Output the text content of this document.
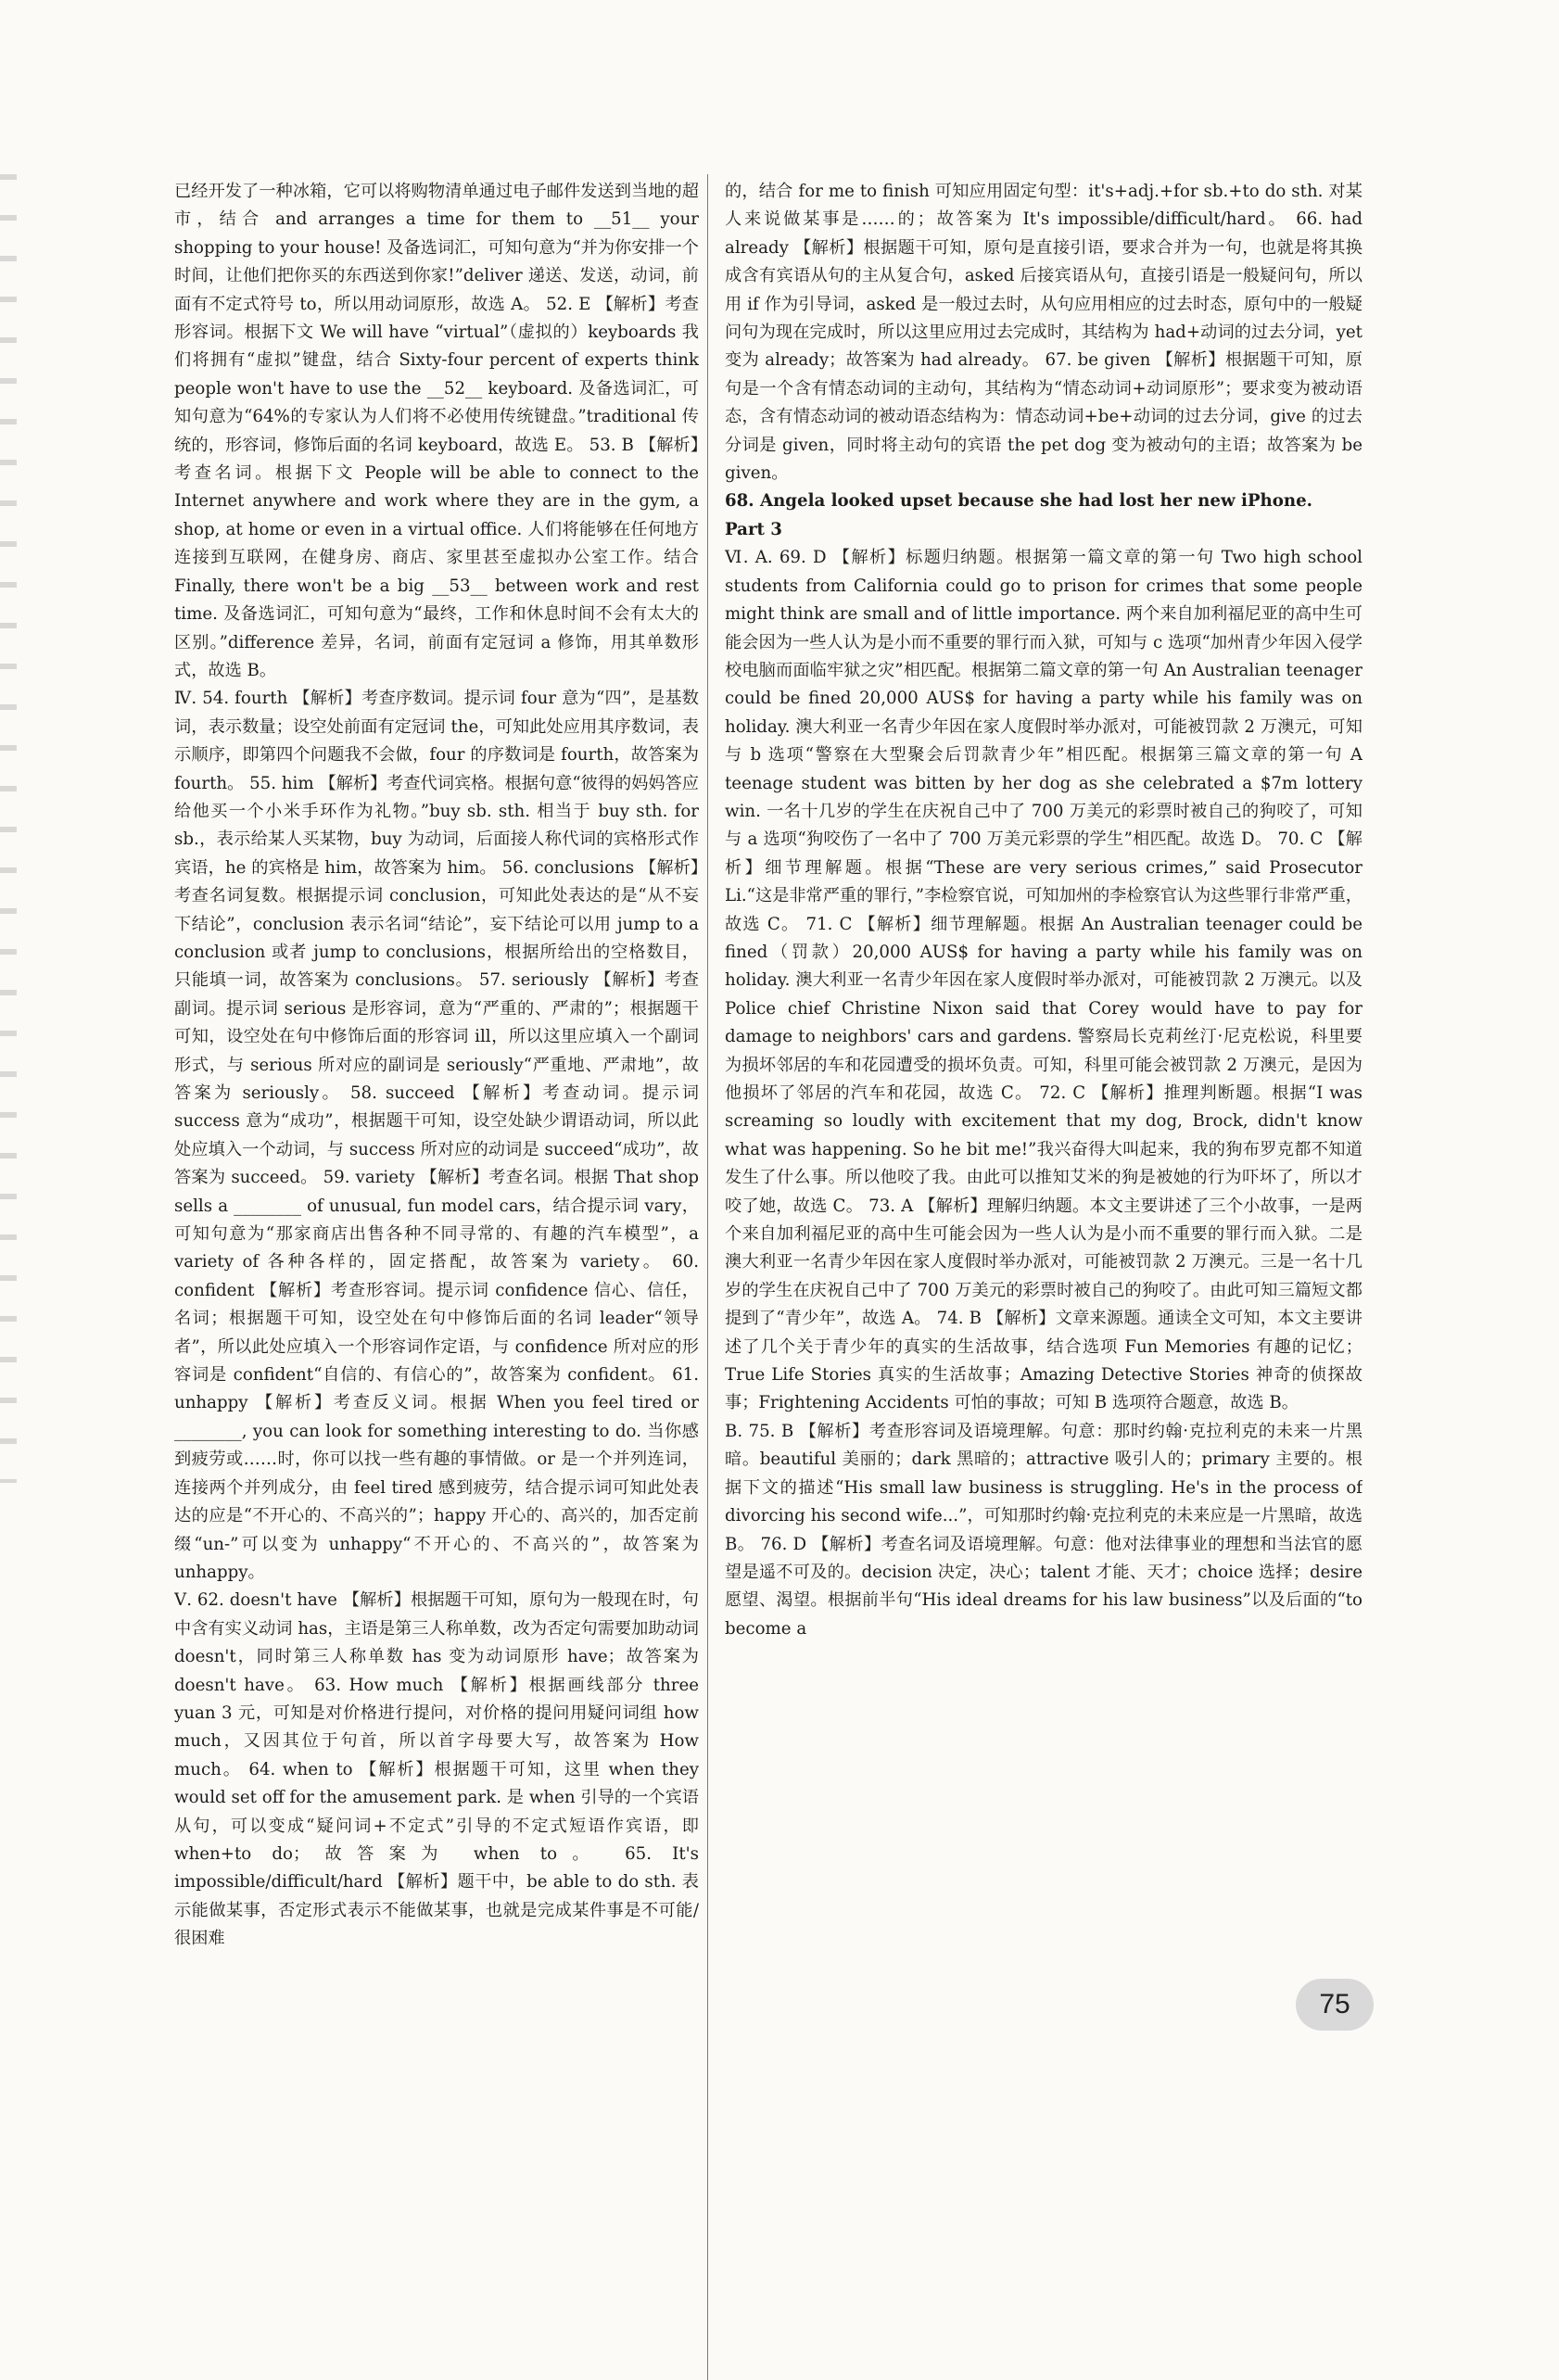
已经开发了一种冰箱，它可以将购物清单通过电子邮件发送到当地的超市，结合 and arranges a time for them to __51__ your shopping to your house! 及备选词汇，可知句意为“并为你安排一个时间，让他们把你买的东西送到你家!”deliver 递送、发送，动词，前面有不定式符号 to，所以用动词原形，故选 A。 52. E 【解析】考查形容词。根据下文 We will have “virtual”（虚拟的）keyboards 我们将拥有“虚拟”键盘，结合 Sixty-four percent of experts think people won't have to use the __52__ keyboard. 及备选词汇，可知句意为“64%的专家认为人们将不必使用传统键盘。”traditional 传统的，形容词，修饰后面的名词 keyboard，故选 E。 53. B 【解析】考查名词。根据下文 People will be able to connect to the Internet anywhere and work where they are in the gym, a shop, at home or even in a virtual office. 人们将能够在任何地方连接到互联网，在健身房、商店、家里甚至虚拟办公室工作。结合 Finally, there won't be a big __53__ between work and rest time. 及备选词汇，可知句意为“最终，工作和休息时间不会有太大的区别。”difference 差异，名词，前面有定冠词 a 修饰，用其单数形式，故选 B。

Ⅳ. 54. fourth 【解析】考查序数词。提示词 four 意为“四”，是基数词，表示数量；设空处前面有定冠词 the，可知此处应用其序数词，表示顺序，即第四个问题我不会做，four 的序数词是 fourth，故答案为 fourth。 55. him 【解析】考查代词宾格。根据句意“彼得的妈妈答应给他买一个小米手环作为礼物。”buy sb. sth. 相当于 buy sth. for sb.，表示给某人买某物，buy 为动词，后面接人称代词的宾格形式作宾语，he 的宾格是 him，故答案为 him。 56. conclusions 【解析】考查名词复数。根据提示词 conclusion，可知此处表达的是“从不妄下结论”，conclusion 表示名词“结论”，妄下结论可以用 jump to a conclusion 或者 jump to conclusions，根据所给出的空格数目，只能填一词，故答案为 conclusions。 57. seriously 【解析】考查副词。提示词 serious 是形容词，意为“严重的、严肃的”；根据题干可知，设空处在句中修饰后面的形容词 ill，所以这里应填入一个副词形式，与 serious 所对应的副词是 seriously“严重地、严肃地”，故答案为 seriously。 58. succeed 【解析】考查动词。提示词 success 意为“成功”，根据题干可知，设空处缺少谓语动词，所以此处应填入一个动词，与 success 所对应的动词是 succeed“成功”，故答案为 succeed。 59. variety 【解析】考查名词。根据 That shop sells a ________ of unusual, fun model cars，结合提示词 vary，可知句意为“那家商店出售各种不同寻常的、有趣的汽车模型”，a variety of 各种各样的，固定搭配，故答案为 variety。 60. confident 【解析】考查形容词。提示词 confidence 信心、信任，名词；根据题干可知，设空处在句中修饰后面的名词 leader“领导者”，所以此处应填入一个形容词作定语，与 confidence 所对应的形容词是 confident“自信的、有信心的”，故答案为 confident。 61. unhappy 【解析】考查反义词。根据 When you feel tired or ________, you can look for something interesting to do. 当你感到疲劳或……时，你可以找一些有趣的事情做。or 是一个并列连词，连接两个并列成分，由 feel tired 感到疲劳，结合提示词可知此处表达的应是“不开心的、不高兴的”；happy 开心的、高兴的，加否定前缀“un-”可以变为 unhappy“不开心的、不高兴的”，故答案为 unhappy。

Ⅴ. 62. doesn't have 【解析】根据题干可知，原句为一般现在时，句中含有实义动词 has，主语是第三人称单数，改为否定句需要加助动词 doesn't，同时第三人称单数 has 变为动词原形 have；故答案为 doesn't have。 63. How much 【解析】根据画线部分 three yuan 3 元，可知是对价格进行提问，对价格的提问用疑问词组 how much，又因其位于句首，所以首字母要大写，故答案为 How much。 64. when to 【解析】根据题干可知，这里 when they would set off for the amusement park. 是 when 引导的一个宾语从句，可以变成“疑问词+不定式”引导的不定式短语作宾语，即 when+to do；故答案为 when to。 65. It's impossible/difficult/hard 【解析】题干中，be able to do sth. 表示能做某事，否定形式表示不能做某事，也就是完成某件事是不可能/很困难

的，结合 for me to finish 可知应用固定句型：it's+adj.+for sb.+to do sth. 对某人来说做某事是……的；故答案为 It's impossible/difficult/hard。 66. had already 【解析】根据题干可知，原句是直接引语，要求合并为一句，也就是将其换成含有宾语从句的主从复合句，asked 后接宾语从句，直接引语是一般疑问句，所以用 if 作为引导词，asked 是一般过去时，从句应用相应的过去时态，原句中的一般疑问句为现在完成时，所以这里应用过去完成时，其结构为 had+动词的过去分词，yet 变为 already；故答案为 had already。 67. be given 【解析】根据题干可知，原句是一个含有情态动词的主动句，其结构为“情态动词+动词原形”；要求变为被动语态，含有情态动词的被动语态结构为：情态动词+be+动词的过去分词，give 的过去分词是 given，同时将主动句的宾语 the pet dog 变为被动句的主语；故答案为 be given。

68. Angela looked upset because she had lost her new iPhone.

Part 3

Ⅵ. A. 69. D 【解析】标题归纳题。根据第一篇文章的第一句 Two high school students from California could go to prison for crimes that some people might think are small and of little importance. 两个来自加利福尼亚的高中生可能会因为一些人认为是小而不重要的罪行而入狱，可知与 c 选项“加州青少年因入侵学校电脑而面临牢狱之灾”相匹配。根据第二篇文章的第一句 An Australian teenager could be fined 20,000 AUS$ for having a party while his family was on holiday. 澳大利亚一名青少年因在家人度假时举办派对，可能被罚款 2 万澳元，可知与 b 选项“警察在大型聚会后罚款青少年”相匹配。根据第三篇文章的第一句 A teenage student was bitten by her dog as she celebrated a $7m lottery win. 一名十几岁的学生在庆祝自己中了 700 万美元的彩票时被自己的狗咬了，可知与 a 选项“狗咬伤了一名中了 700 万美元彩票的学生”相匹配。故选 D。 70. C 【解析】细节理解题。根据“These are very serious crimes,” said Prosecutor Li.“这是非常严重的罪行，”李检察官说，可知加州的李检察官认为这些罪行非常严重，故选 C。 71. C 【解析】细节理解题。根据 An Australian teenager could be fined（罚款）20,000 AUS$ for having a party while his family was on holiday. 澳大利亚一名青少年因在家人度假时举办派对，可能被罚款 2 万澳元。以及 Police chief Christine Nixon said that Corey would have to pay for damage to neighbors' cars and gardens. 警察局长克莉丝汀·尼克松说，科里要为损坏邻居的车和花园遭受的损坏负责。可知，科里可能会被罚款 2 万澳元，是因为他损坏了邻居的汽车和花园，故选 C。 72. C 【解析】推理判断题。根据“I was screaming so loudly with excitement that my dog, Brock, didn't know what was happening. So he bit me!”我兴奋得大叫起来，我的狗布罗克都不知道发生了什么事。所以他咬了我。由此可以推知艾米的狗是被她的行为吓坏了，所以才咬了她，故选 C。 73. A 【解析】理解归纳题。本文主要讲述了三个小故事，一是两个来自加利福尼亚的高中生可能会因为一些人认为是小而不重要的罪行而入狱。二是澳大利亚一名青少年因在家人度假时举办派对，可能被罚款 2 万澳元。三是一名十几岁的学生在庆祝自己中了 700 万美元的彩票时被自己的狗咬了。由此可知三篇短文都提到了“青少年”，故选 A。 74. B 【解析】文章来源题。通读全文可知，本文主要讲述了几个关于青少年的真实的生活故事，结合选项 Fun Memories 有趣的记忆；True Life Stories 真实的生活故事；Amazing Detective Stories 神奇的侦探故事；Frightening Accidents 可怕的事故；可知 B 选项符合题意，故选 B。

B. 75. B 【解析】考查形容词及语境理解。句意：那时约翰·克拉利克的未来一片黑暗。beautiful 美丽的；dark 黑暗的；attractive 吸引人的；primary 主要的。根据下文的描述“His small law business is struggling. He's in the process of divorcing his second wife...”，可知那时约翰·克拉利克的未来应是一片黑暗，故选 B。 76. D 【解析】考查名词及语境理解。句意：他对法律事业的理想和当法官的愿望是遥不可及的。decision 决定，决心；talent 才能、天才；choice 选择；desire 愿望、渴望。根据前半句“His ideal dreams for his law business”以及后面的“to become a

75
